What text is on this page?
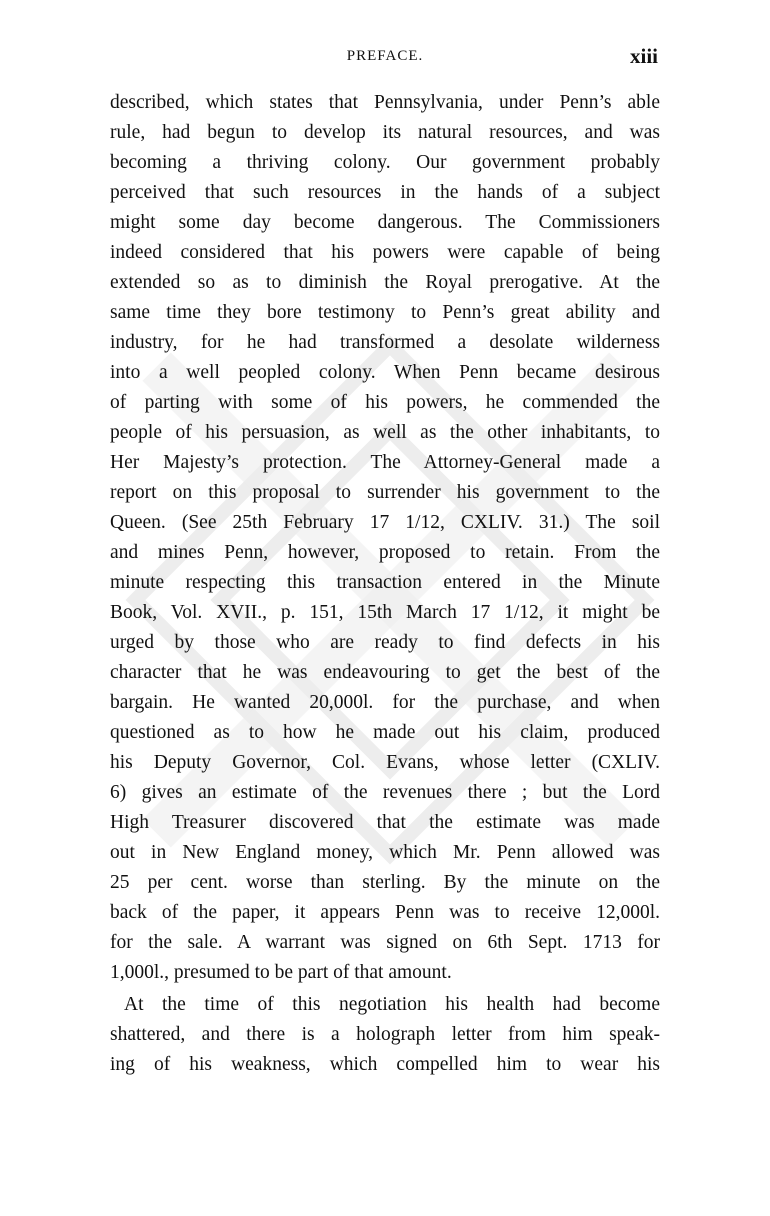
PREFACE.	xiii
described, which states that Pennsylvania, under Penn’s able
rule, had begun to develop its natural resources, and was
becoming a thriving colony. Our government probably
perceived that such resources in the hands of a subject
might some day become dangerous. The Commissioners
indeed considered that his powers were capable of being
extended so as to diminish the Royal prerogative. At the
same time they bore testimony to Penn’s great ability and
industry, for he had transformed a desolate wilderness
into a well peopled colony. When Penn became desirous
of parting with some of his powers, he commended the
people of his persuasion, as well as the other inhabitants, to
Her Majesty’s protection. The Attorney-General made a
report on this proposal to surrender his government to the
Queen. (See 25th February 17 1/12, CXLIV. 31.) The soil
and mines Penn, however, proposed to retain. From the
minute respecting this transaction entered in the Minute
Book, Vol. XVII., p. 151, 15th March 17 1/12, it might be
urged by those who are ready to find defects in his
character that he was endeavouring to get the best of the
bargain. He wanted 20,000l. for the purchase, and when
questioned as to how he made out his claim, produced
his Deputy Governor, Col. Evans, whose letter (CXLIV.
6) gives an estimate of the revenues there ; but the Lord
High Treasurer discovered that the estimate was made
out in New England money, which Mr. Penn allowed was
25 per cent. worse than sterling. By the minute on the
back of the paper, it appears Penn was to receive 12,000l.
for the sale. A warrant was signed on 6th Sept. 1713 for
1,000l., presumed to be part of that amount.
At the time of this negotiation his health had become
shattered, and there is a holograph letter from him speak-
ing of his weakness, which compelled him to wear his
